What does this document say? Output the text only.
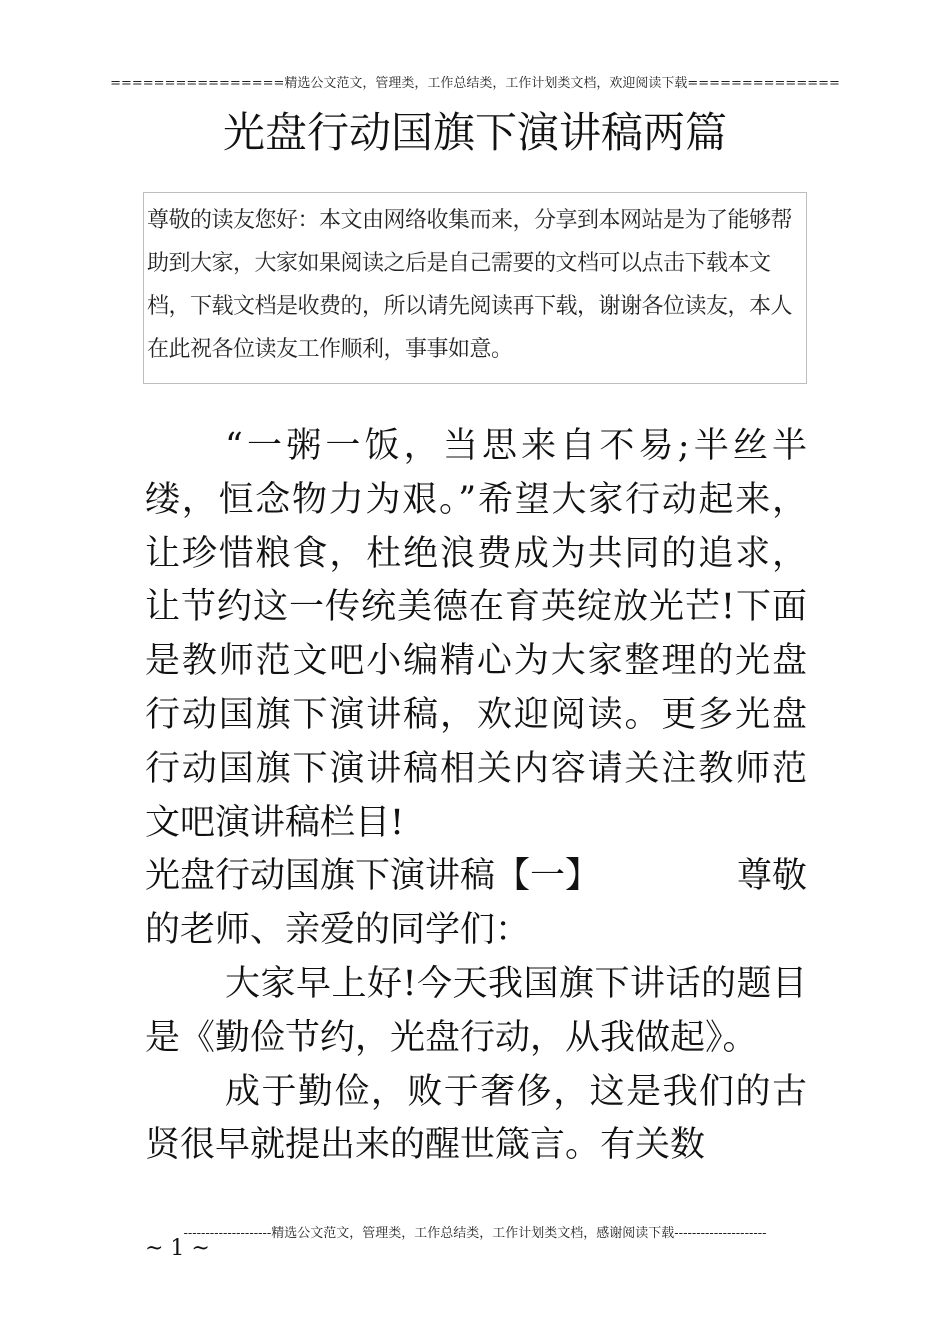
================精选公文范文，管理类，工作总结类，工作计划类文档，欢迎阅读下载==============
光盘行动国旗下演讲稿两篇
尊敬的读友您好：本文由网络收集而来，分享到本网站是为了能够帮助到大家，大家如果阅读之后是自己需要的文档可以点击下载本文档，下载文档是收费的，所以请先阅读再下载，谢谢各位读友，本人在此祝各位读友工作顺利，事事如意。

“一粥一饭，当思来自不易;半丝半缕，恒念物力为艰。”希望大家行动起来，让珍惜粮食，杜绝浪费成为共同的追求，让节约这一传统美德在育英绽放光芒!下面是教师范文吧小编精心为大家整理的光盘行动国旗下演讲稿，欢迎阅读。更多光盘行动国旗下演讲稿相关内容请关注教师范文吧演讲稿栏目!

光盘行动国旗下演讲稿【一】	尊敬

的老师、亲爱的同学们：

大家早上好!今天我国旗下讲话的题目是《勤俭节约，光盘行动，从我做起》。

成于勤俭，败于奢侈，这是我们的古贤很早就提出来的醒世箴言。有关数

--------------------精选公文范文，管理类，工作总结类，工作计划类文档，感谢阅读下载---------------------
~ 1 ~
